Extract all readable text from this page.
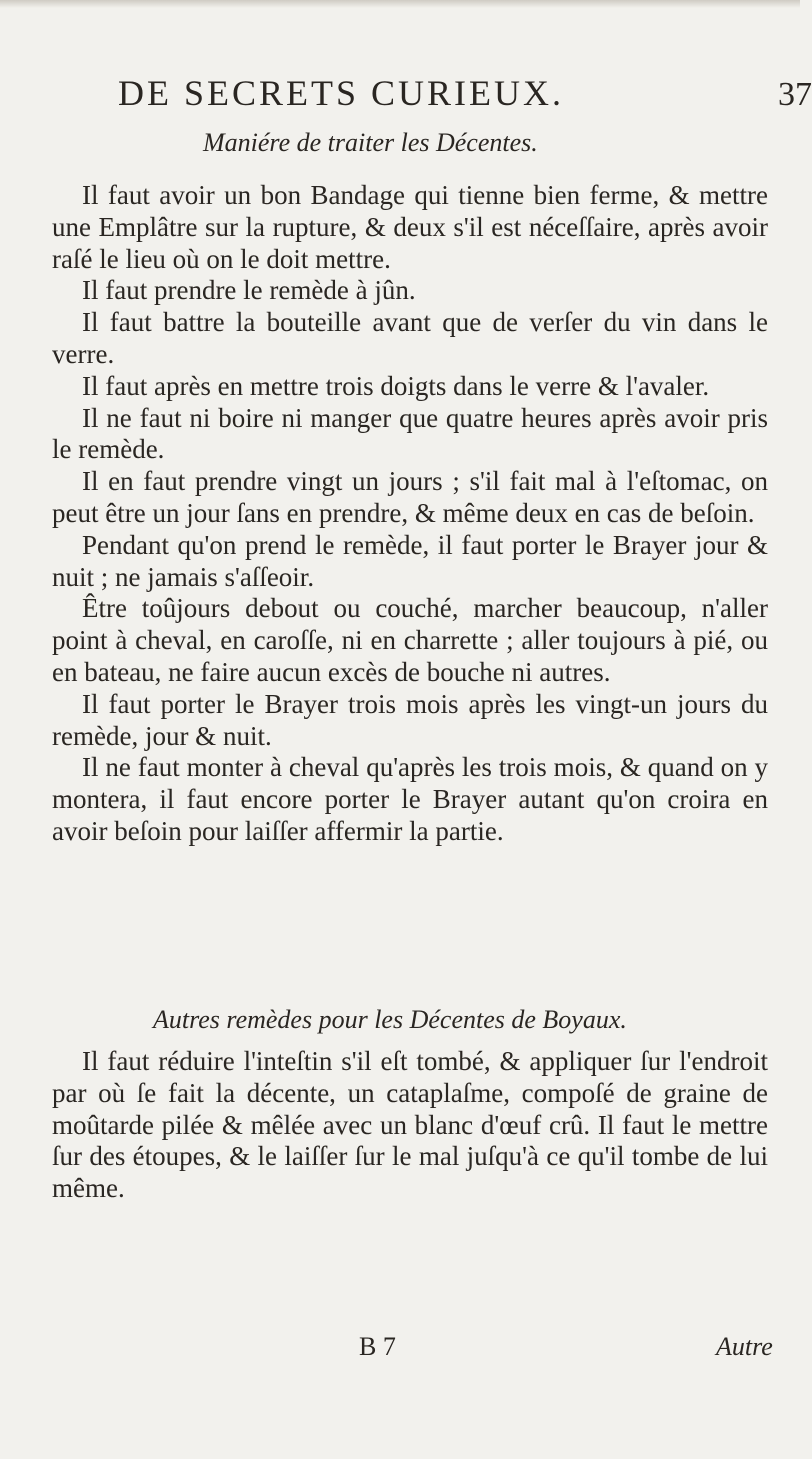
DE SECRETS CURIEUX.	37
Maniére de traiter les Décentes.

Il faut avoir un bon Bandage qui tienne bien ferme, & mettre une Emplâtre sur la rupture, & deux s'il est néceſſaire, après avoir raſé le lieu où on le doit mettre.

Il faut prendre le remède à jûn.

Il faut battre la bouteille avant que de verſer du vin dans le verre.

Il faut après en mettre trois doigts dans le verre & l'avaler.

Il ne faut ni boire ni manger que quatre heures après avoir pris le remède.

Il en faut prendre vingt un jours ; s'il fait mal à l'eſtomac, on peut être un jour ſans en prendre, & même deux en cas de beſoin.

Pendant qu'on prend le remède, il faut porter le Brayer jour & nuit ; ne jamais s'aſſeoir.

Être toûjours debout ou couché, marcher beaucoup, n'aller point à cheval, en caroſſe, ni en charrette ; aller toujours à pié, ou en bateau, ne faire aucun excès de bouche ni autres.

Il faut porter le Brayer trois mois après les vingt-un jours du remède, jour & nuit.

Il ne faut monter à cheval qu'après les trois mois, & quand on y montera, il faut encore porter le Brayer autant qu'on croira en avoir beſoin pour laiſſer affermir la partie.

Autres remèdes pour les Décentes de Boyaux.

Il faut réduire l'inteſtin s'il eſt tombé, & appliquer ſur l'endroit par où ſe fait la décente, un cataplaſme, compoſé de graine de moûtarde pilée & mêlée avec un blanc d'œuf crû. Il faut le mettre ſur des étoupes, & le laiſſer ſur le mal juſqu'à ce qu'il tombe de lui même.

B 7	Autre
